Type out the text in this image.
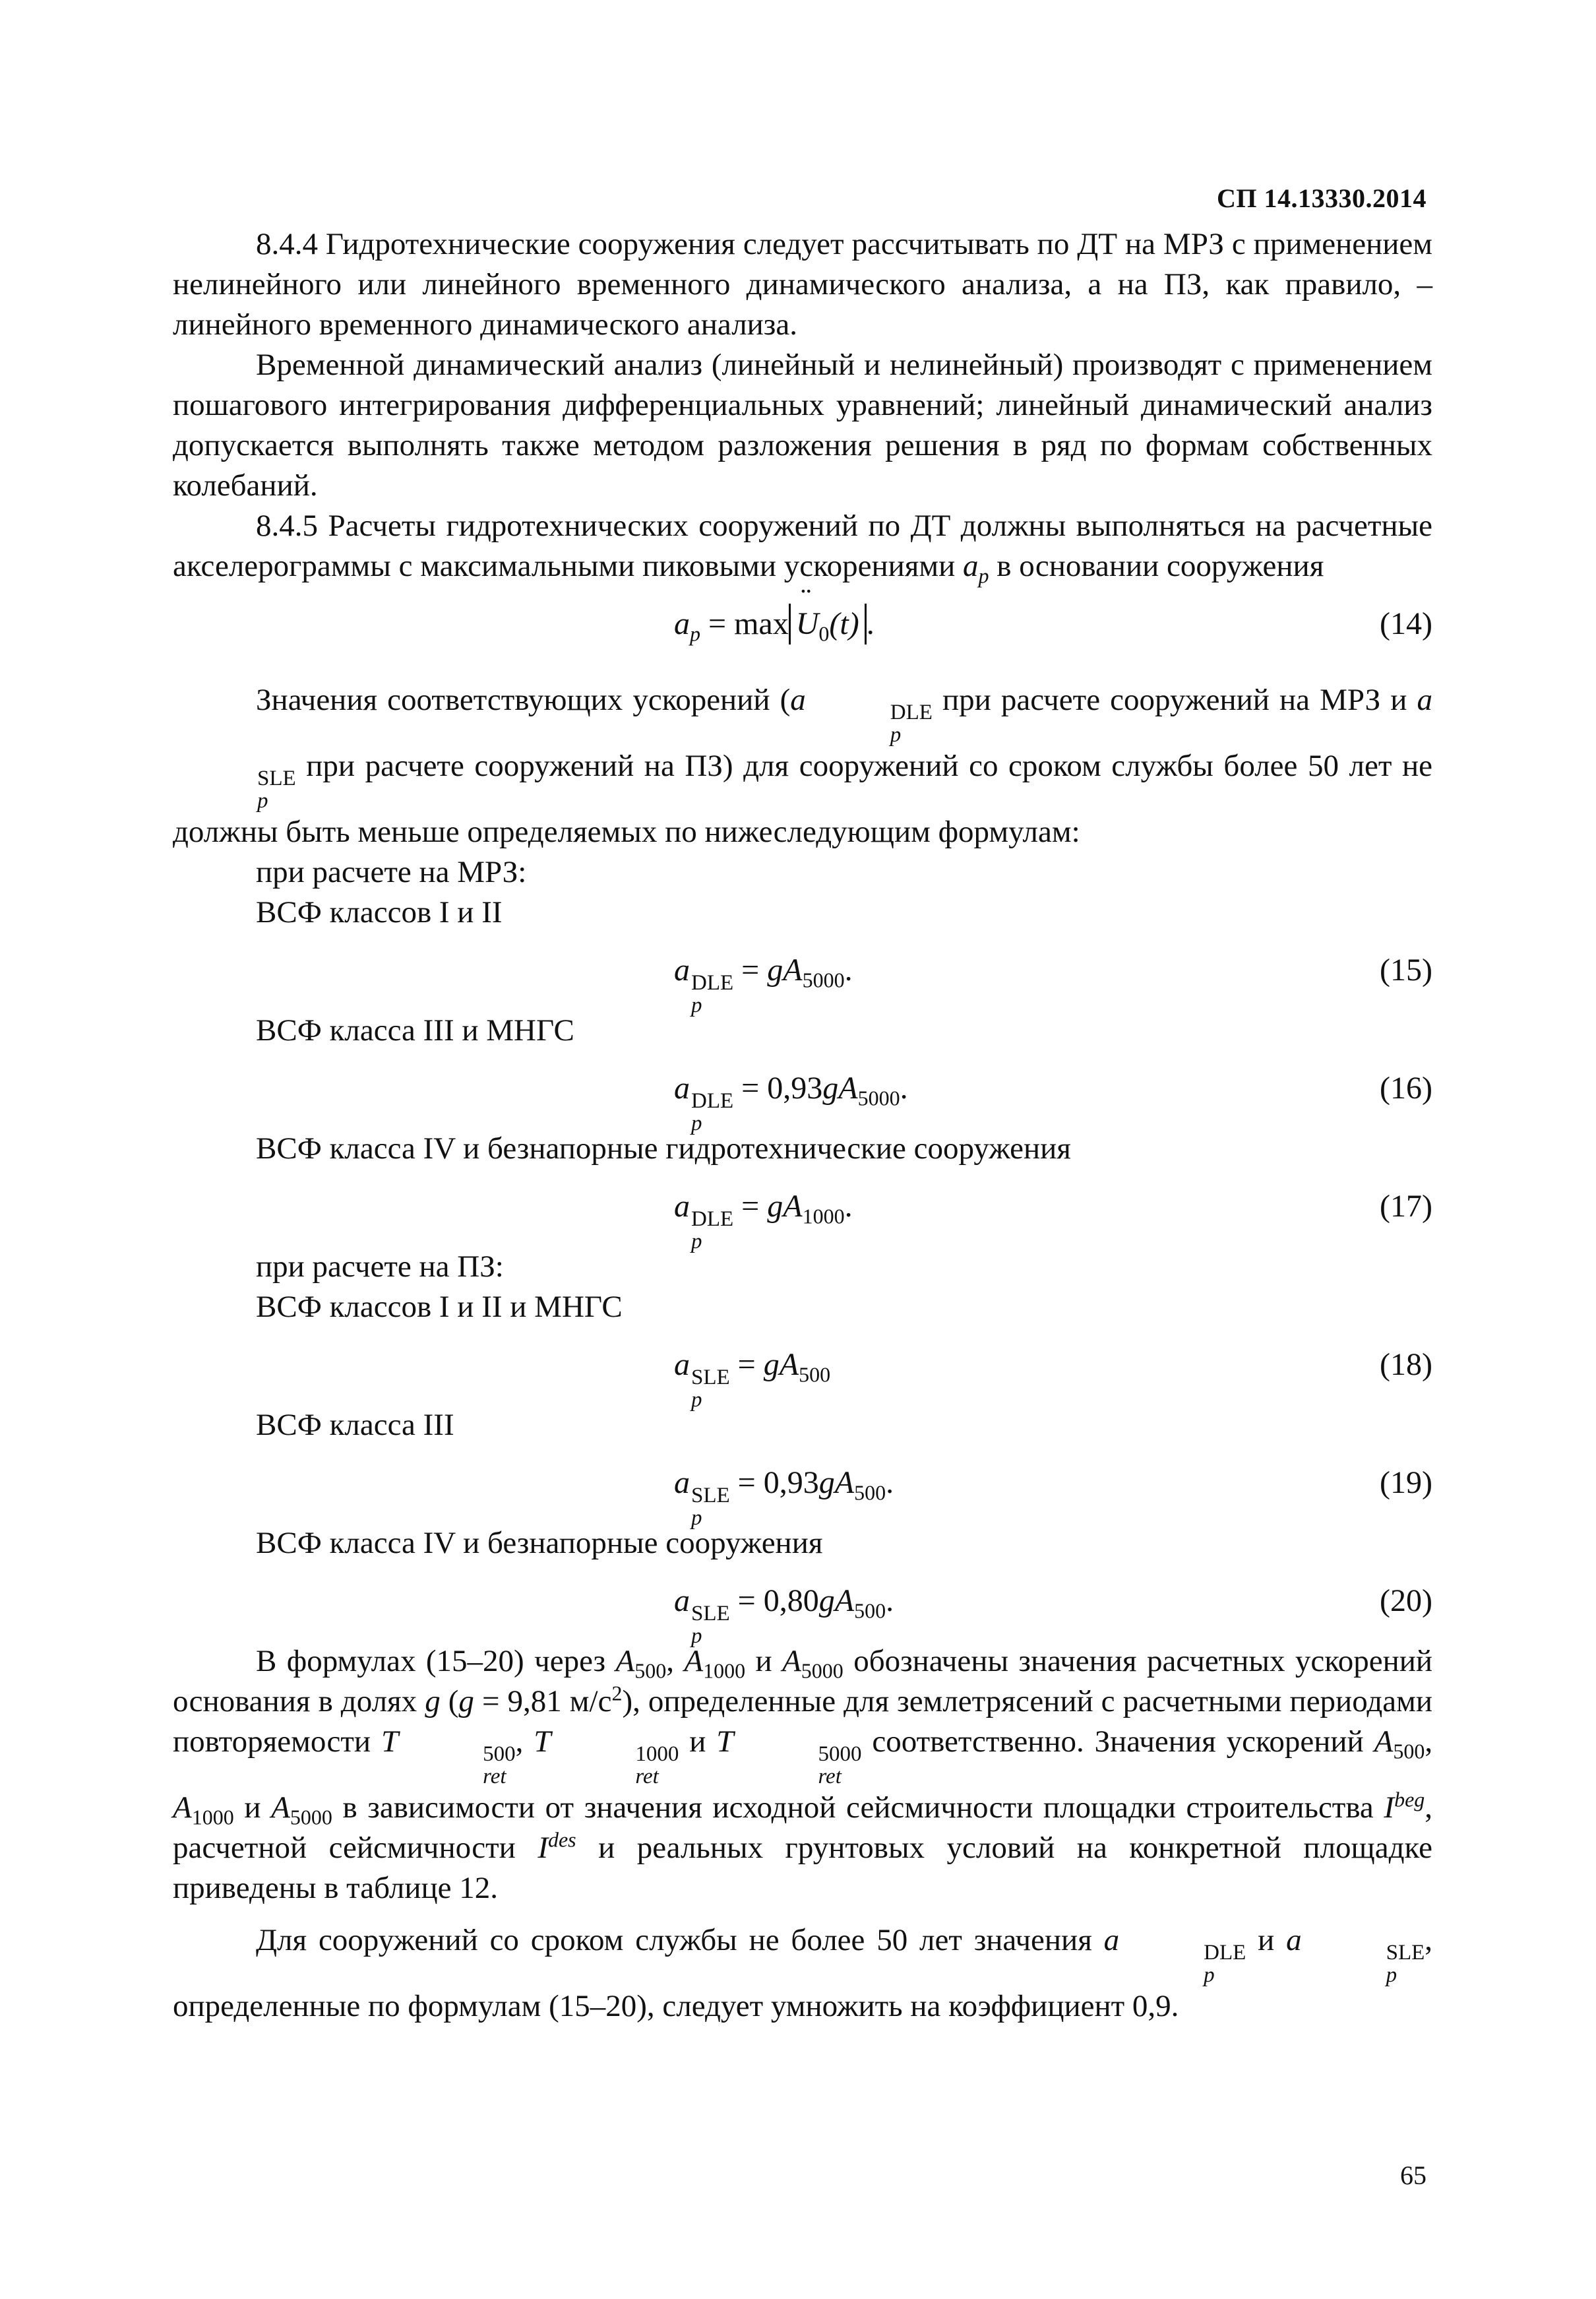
СП 14.13330.2014

8.4.4 Гидротехнические сооружения следует рассчитывать по ДТ на МРЗ с применением нелинейного или линейного временного динамического анализа, а на ПЗ, как правило, – линейного временного динамического анализа.

Временной динамический анализ (линейный и нелинейный) производят с применением пошагового интегрирования дифференциальных уравнений; линейный динамический анализ допускается выполнять также методом разложения решения в ряд по формам собственных колебаний.

8.4.5 Расчеты гидротехнических сооружений по ДТ должны выполняться на расчетные акселерограммы с максимальными пиковыми ускорениями $a_p$ в основании сооружения

$a_p = \max$ ¨ $U_0(t)$ .	(14)

Значения соответствующих ускорений (a	DLE
p
при расчете сооружений на МРЗ и a
SLE
p
при расчете сооружений на ПЗ) для сооружений со сроком службы более 50 лет не должны быть меньше определяемых по нижеследующим формулам:

при расчете на МРЗ:
ВСФ классов I и II
a DLE
p
= $gA_{5000}$.	(15)
ВСФ класса III и МНГС
a DLE
p
= $0,93gA_{5000}$.	(16)
ВСФ класса IV и безнапорные гидротехнические сооружения
a DLE
p
= $gA_{1000}$.	(17)
при расчете на ПЗ:
ВСФ классов I и II и МНГС
a SLE
p
= $gA_{500}$	(18)
ВСФ класса III
a SLE
p
= $0,93gA_{500}$.	(19)
ВСФ класса IV и безнапорные сооружения
a SLE
p
= $0,80gA_{500}$.	(20)

В формулах (15–20) через $A_{500}$, $A_{1000}$ и $A_{5000}$ обозначены значения расчетных ускорений основания в долях g (g = 9,81 $м/с^2$), определенные для землетрясений с расчетными периодами повторяемости T	500
ret
, T	1000
ret
и T	5000
ret
соответственно. Значения ускорений $A_{500}$, $A_{1000}$ и $A_{5000}$ в зависимости от значения исходной сейсмичности площадки строительства $I^{beg}$, расчетной сейсмичности $I^{des}$ и реальных грунтовых условий на конкретной площадке приведены в таблице 12.

Для сооружений со сроком службы не более 50 лет значения a	DLE
p
и a	SLE
p
, определенные по формулам (15–20), следует умножить на коэффициент 0,9.

65
